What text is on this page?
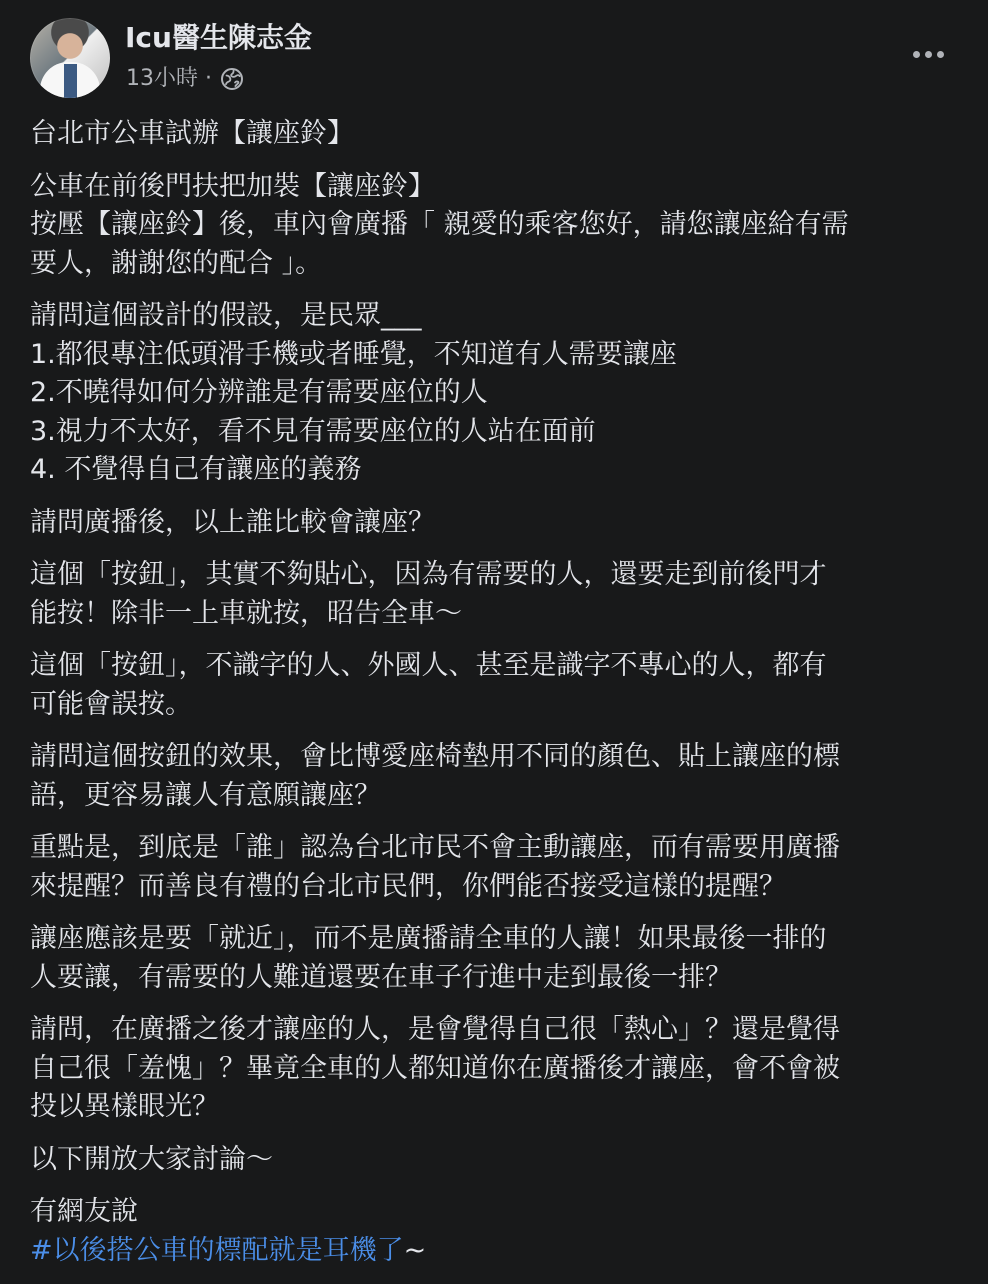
Icu醫生陳志金
13小時 ·
台北市公車試辦【讓座鈴】
公車在前後門扶把加裝【讓座鈴】
按壓【讓座鈴】後，車內會廣播「 親愛的乘客您好，請您讓座給有需
要人，謝謝您的配合 」。
請問這個設計的假設，是民眾___
1.都很專注低頭滑手機或者睡覺，不知道有人需要讓座
2.不曉得如何分辨誰是有需要座位的人
3.視力不太好，看不見有需要座位的人站在面前
4. 不覺得自己有讓座的義務
請問廣播後，以上誰比較會讓座？
這個「按鈕」，其實不夠貼心，因為有需要的人，還要走到前後門才
能按！除非一上車就按，昭告全車～
這個「按鈕」，不識字的人、外國人、甚至是識字不專心的人，都有
可能會誤按。
請問這個按鈕的效果，會比博愛座椅墊用不同的顏色、貼上讓座的標
語，更容易讓人有意願讓座？
重點是，到底是「誰」認為台北市民不會主動讓座，而有需要用廣播
來提醒？而善良有禮的台北市民們，你們能否接受這樣的提醒？
讓座應該是要「就近」，而不是廣播請全車的人讓！如果最後一排的
人要讓，有需要的人難道還要在車子行進中走到最後一排？
請問，在廣播之後才讓座的人，是會覺得自己很「熱心」？還是覺得
自己很「羞愧」？畢竟全車的人都知道你在廣播後才讓座，會不會被
投以異樣眼光？
以下開放大家討論～
有網友說
#以後搭公車的標配就是耳機了~
